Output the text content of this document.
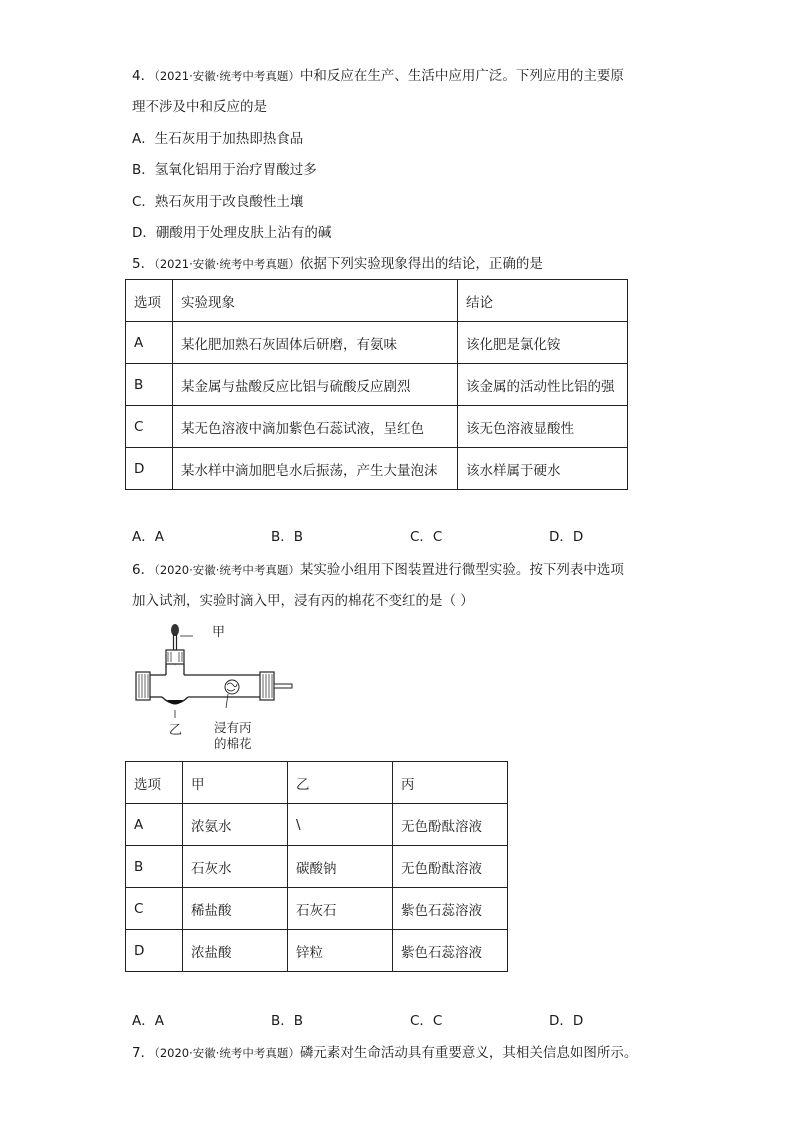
4．（2021·安徽·统考中考真题）中和反应在生产、生活中应用广泛。下列应用的主要原
理不涉及中和反应的是
A．生石灰用于加热即热食品
B．氢氧化铝用于治疗胃酸过多
C．熟石灰用于改良酸性土壤
D．硼酸用于处理皮肤上沾有的碱
5．（2021·安徽·统考中考真题）依据下列实验现象得出的结论，正确的是
选项	实验现象	结论
A	某化肥加熟石灰固体后研磨，有氨味	该化肥是氯化铵
B	某金属与盐酸反应比铝与硫酸反应剧烈	该金属的活动性比铝的强
C	某无色溶液中滴加紫色石蕊试液，呈红色	该无色溶液显酸性
D	某水样中滴加肥皂水后振荡，产生大量泡沫	该水样属于硬水
A．A	B．B	C．C	D．D
6．（2020·安徽·统考中考真题）某实验小组用下图装置进行微型实验。按下列表中选项
加入试剂，实验时滴入甲，浸有丙的棉花不变红的是（ ）
甲
乙	浸有丙
的棉花
选项	甲	乙	丙
A	浓氨水	\	无色酚酞溶液
B	石灰水	碳酸钠	无色酚酞溶液
C	稀盐酸	石灰石	紫色石蕊溶液
D	浓盐酸	锌粒	紫色石蕊溶液
A．A	B．B	C．C	D．D
7．（2020·安徽·统考中考真题）磷元素对生命活动具有重要意义，其相关信息如图所示。
